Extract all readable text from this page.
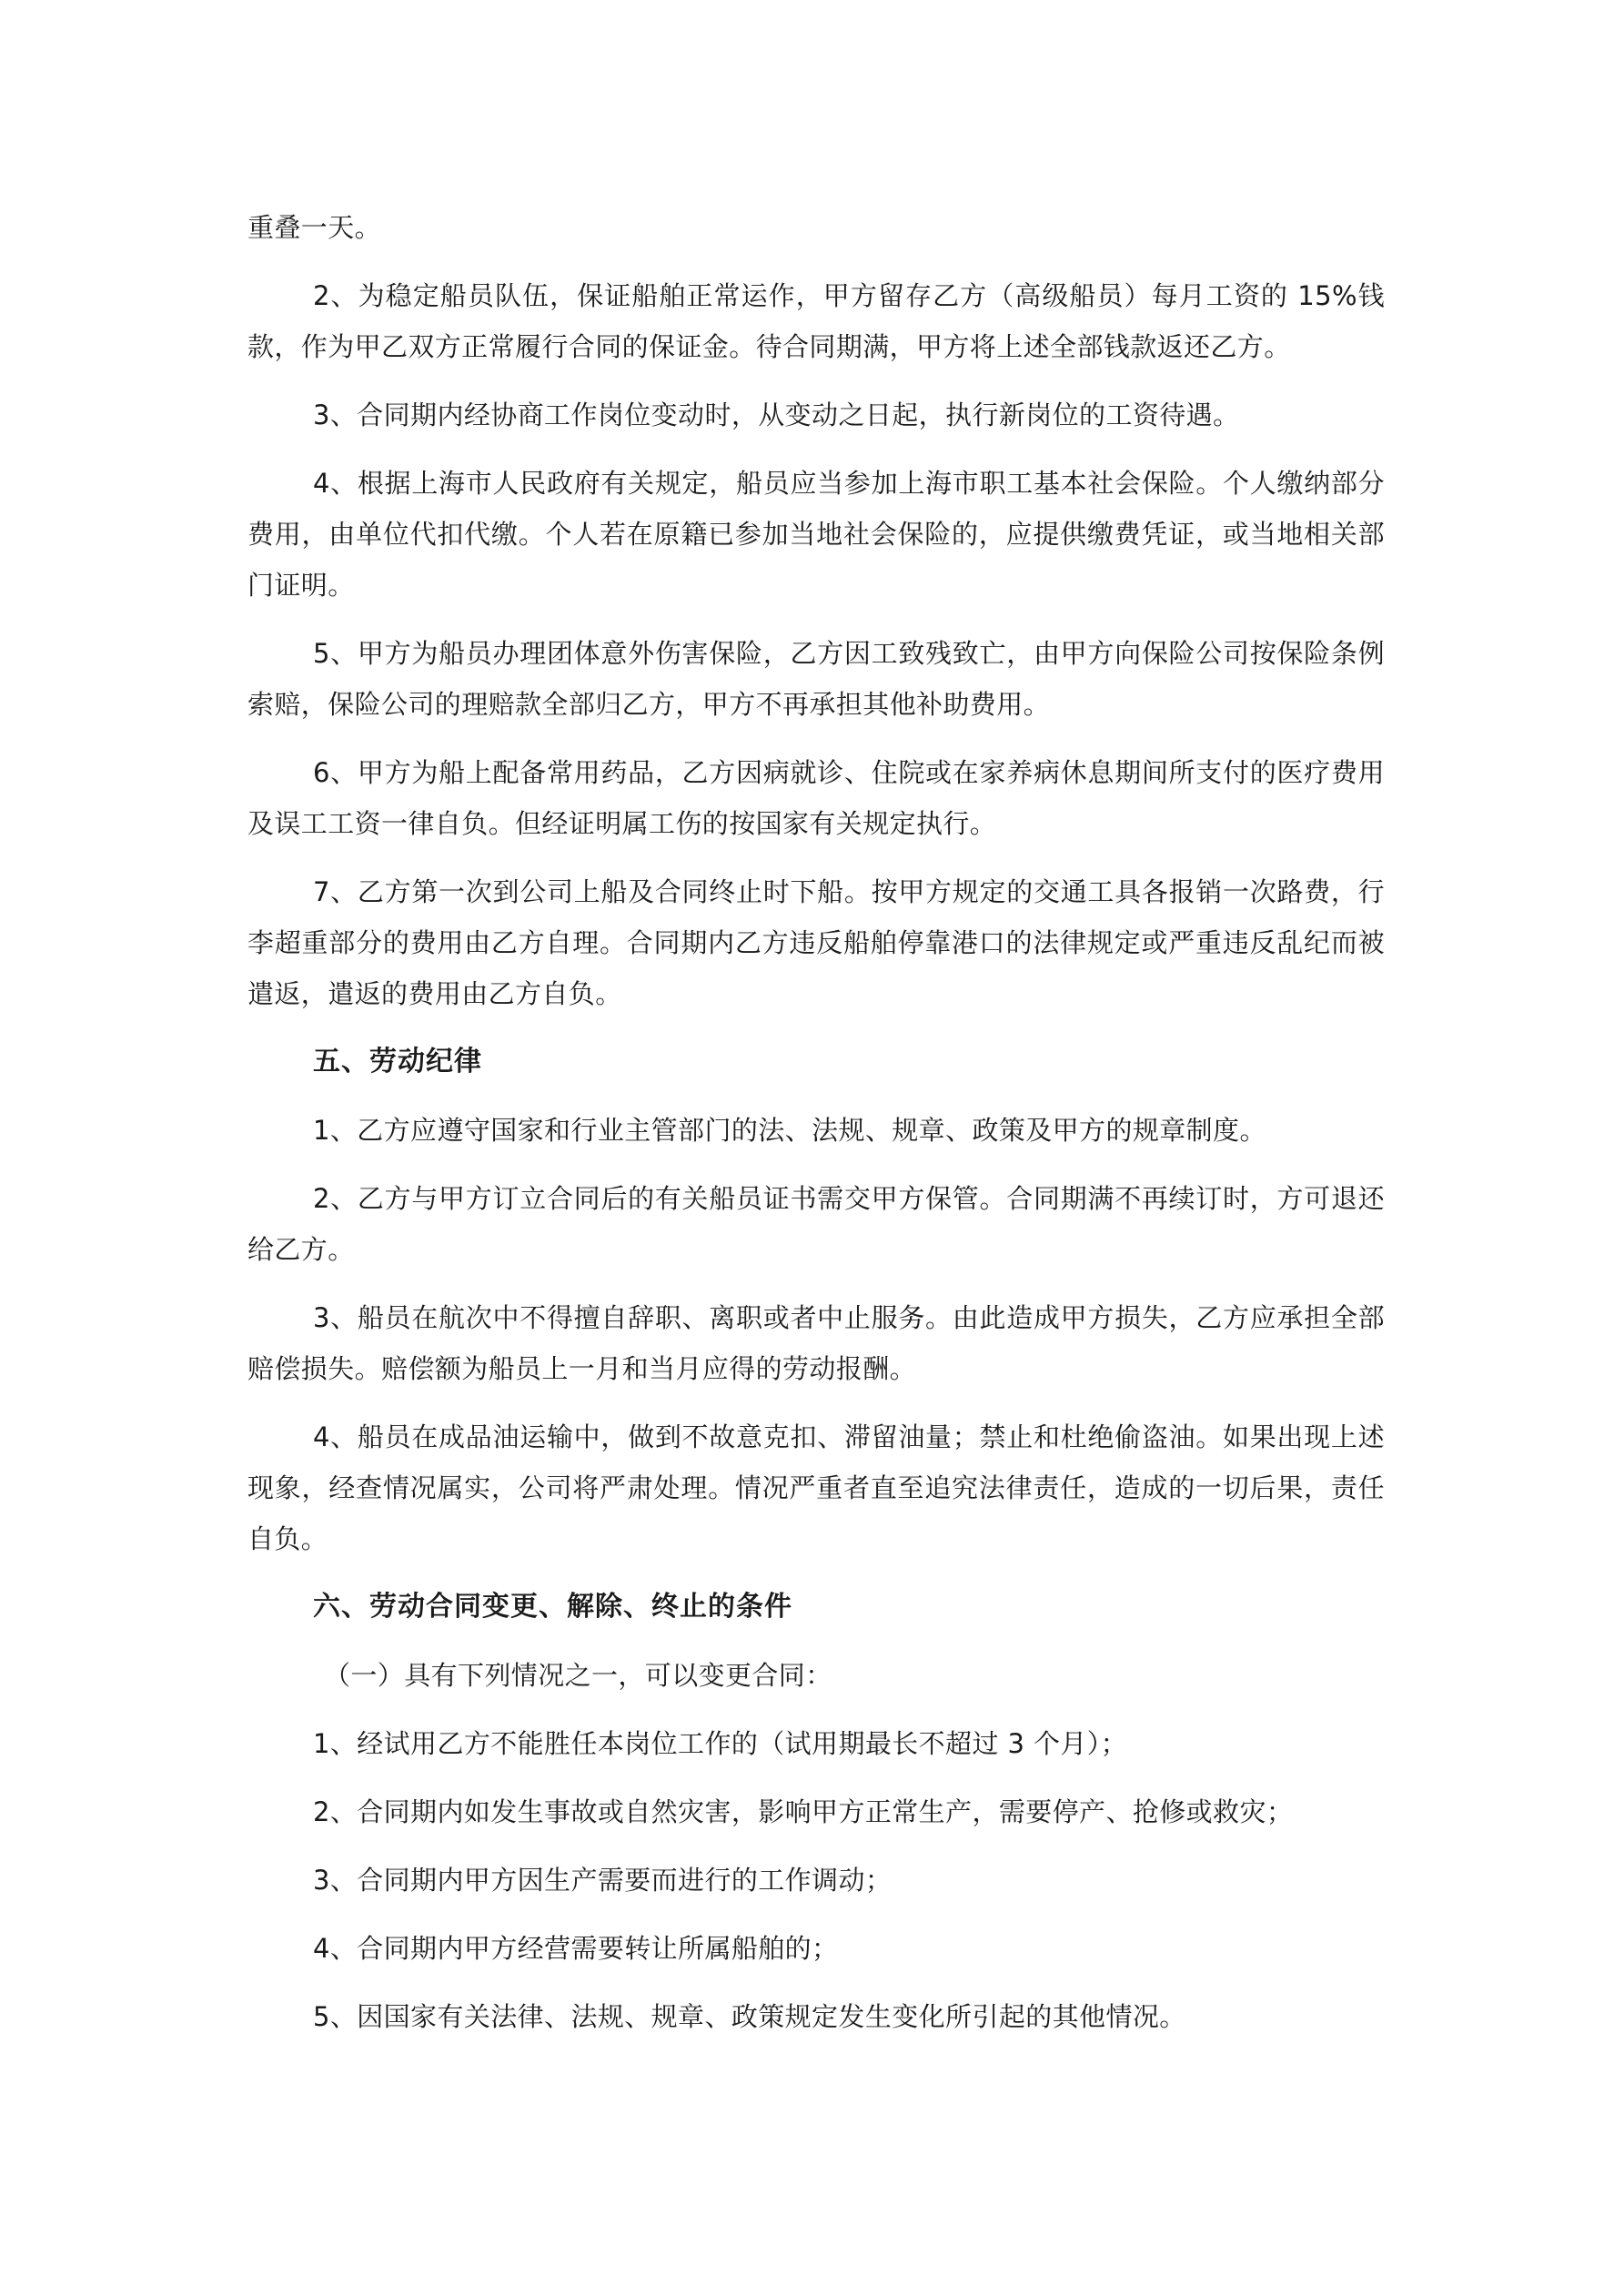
重叠一天。

2、为稳定船员队伍，保证船舶正常运作，甲方留存乙方（高级船员）每月工资的 15%钱款，作为甲乙双方正常履行合同的保证金。待合同期满，甲方将上述全部钱款返还乙方。

3、合同期内经协商工作岗位变动时，从变动之日起，执行新岗位的工资待遇。

4、根据上海市人民政府有关规定，船员应当参加上海市职工基本社会保险。个人缴纳部分费用，由单位代扣代缴。个人若在原籍已参加当地社会保险的，应提供缴费凭证，或当地相关部门证明。

5、甲方为船员办理团体意外伤害保险，乙方因工致残致亡，由甲方向保险公司按保险条例索赔，保险公司的理赔款全部归乙方，甲方不再承担其他补助费用。

6、甲方为船上配备常用药品，乙方因病就诊、住院或在家养病休息期间所支付的医疗费用及误工工资一律自负。但经证明属工伤的按国家有关规定执行。

7、乙方第一次到公司上船及合同终止时下船。按甲方规定的交通工具各报销一次路费，行李超重部分的费用由乙方自理。合同期内乙方违反船舶停靠港口的法律规定或严重违反乱纪而被遣返，遣返的费用由乙方自负。

五、劳动纪律

1、乙方应遵守国家和行业主管部门的法、法规、规章、政策及甲方的规章制度。

2、乙方与甲方订立合同后的有关船员证书需交甲方保管。合同期满不再续订时，方可退还给乙方。

3、船员在航次中不得擅自辞职、离职或者中止服务。由此造成甲方损失，乙方应承担全部赔偿损失。赔偿额为船员上一月和当月应得的劳动报酬。

4、船员在成品油运输中，做到不故意克扣、滞留油量；禁止和杜绝偷盗油。如果出现上述现象，经查情况属实，公司将严肃处理。情况严重者直至追究法律责任，造成的一切后果，责任自负。

六、劳动合同变更、解除、终止的条件

（一）具有下列情况之一，可以变更合同：

1、经试用乙方不能胜任本岗位工作的（试用期最长不超过 3 个月）；

2、合同期内如发生事故或自然灾害，影响甲方正常生产，需要停产、抢修或救灾；

3、合同期内甲方因生产需要而进行的工作调动；

4、合同期内甲方经营需要转让所属船舶的；

5、因国家有关法律、法规、规章、政策规定发生变化所引起的其他情况。
